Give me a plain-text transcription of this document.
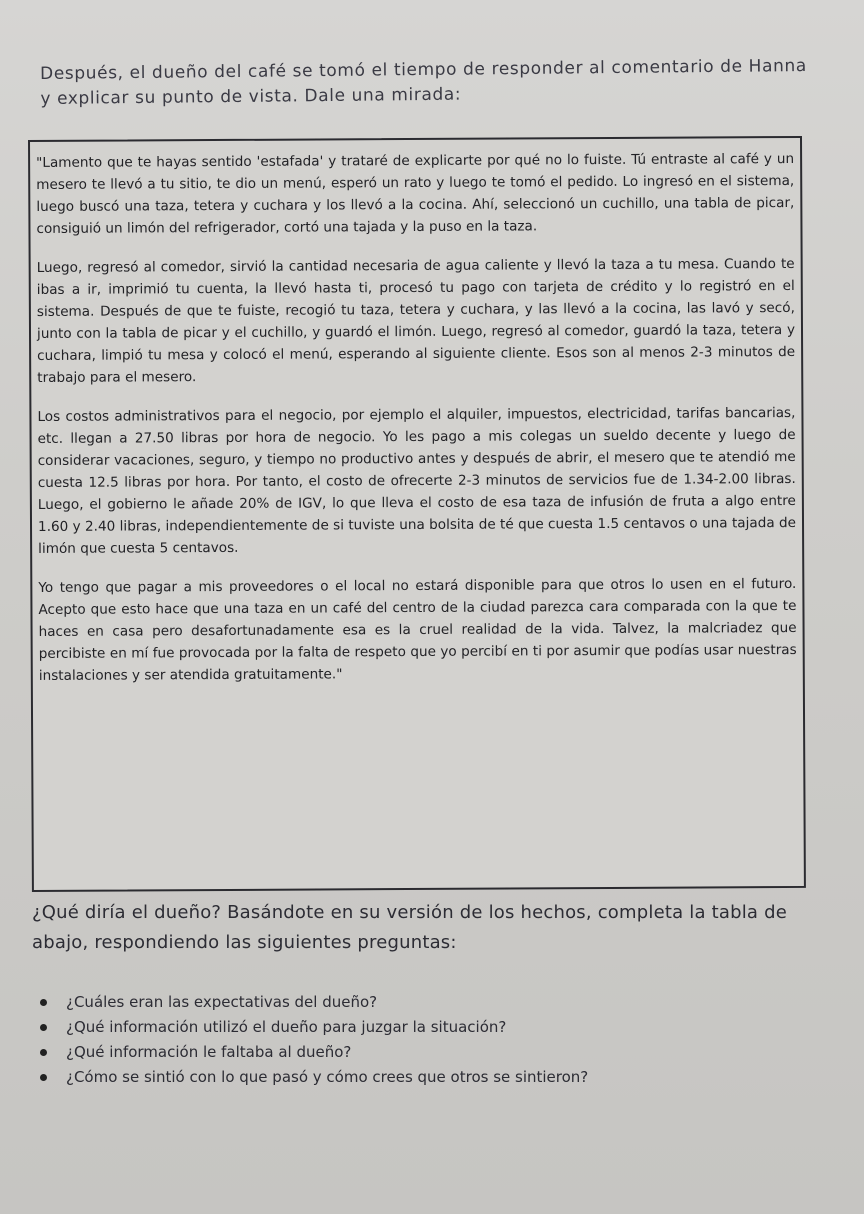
Después, el dueño del café se tomó el tiempo de responder al comentario de Hanna y explicar su punto de vista. Dale una mirada:

"Lamento que te hayas sentido 'estafada' y trataré de explicarte por qué no lo fuiste. Tú entraste al café y un mesero te llevó a tu sitio, te dio un menú, esperó un rato y luego te tomó el pedido. Lo ingresó en el sistema, luego buscó una taza, tetera y cuchara y los llevó a la cocina. Ahí, seleccionó un cuchillo, una tabla de picar, consiguió un limón del refrigerador, cortó una tajada y la puso en la taza.

Luego, regresó al comedor, sirvió la cantidad necesaria de agua caliente y llevó la taza a tu mesa. Cuando te ibas a ir, imprimió tu cuenta, la llevó hasta ti, procesó tu pago con tarjeta de crédito y lo registró en el sistema. Después de que te fuiste, recogió tu taza, tetera y cuchara, y las llevó a la cocina, las lavó y secó, junto con la tabla de picar y el cuchillo, y guardó el limón. Luego, regresó al comedor, guardó la taza, tetera y cuchara, limpió tu mesa y colocó el menú, esperando al siguiente cliente. Esos son al menos 2-3 minutos de trabajo para el mesero.

Los costos administrativos para el negocio, por ejemplo el alquiler, impuestos, electricidad, tarifas bancarias, etc. llegan a 27.50 libras por hora de negocio. Yo les pago a mis colegas un sueldo decente y luego de considerar vacaciones, seguro, y tiempo no productivo antes y después de abrir, el mesero que te atendió me cuesta 12.5 libras por hora. Por tanto, el costo de ofrecerte 2-3 minutos de servicios fue de 1.34-2.00 libras. Luego, el gobierno le añade 20% de IGV, lo que lleva el costo de esa taza de infusión de fruta a algo entre 1.60 y 2.40 libras, independientemente de si tuviste una bolsita de té que cuesta 1.5 centavos o una tajada de limón que cuesta 5 centavos.

Yo tengo que pagar a mis proveedores o el local no estará disponible para que otros lo usen en el futuro. Acepto que esto hace que una taza en un café del centro de la ciudad parezca cara comparada con la que te haces en casa pero desafortunadamente esa es la cruel realidad de la vida. Talvez, la malcriadez que percibiste en mí fue provocada por la falta de respeto que yo percibí en ti por asumir que podías usar nuestras instalaciones y ser atendida gratuitamente."

¿Qué diría el dueño? Basándote en su versión de los hechos, completa la tabla de abajo, respondiendo las siguientes preguntas:
¿Cuáles eran las expectativas del dueño?
¿Qué información utilizó el dueño para juzgar la situación?
¿Qué información le faltaba al dueño?
¿Cómo se sintió con lo que pasó y cómo crees que otros se sintieron?
